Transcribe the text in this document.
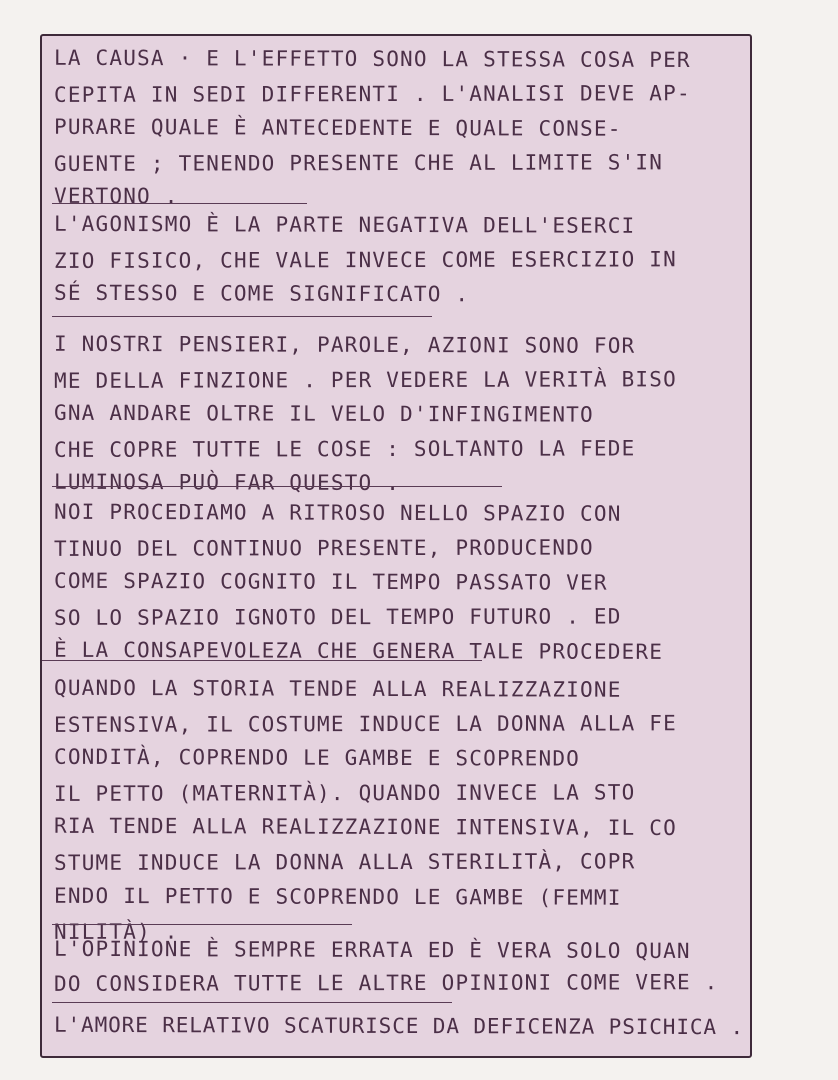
LA CAUSA · E L'EFFETTO SONO LA STESSA COSA PER
CEPITA IN SEDI DIFFERENTI . L'ANALISI DEVE AP-
PURARE QUALE È ANTECEDENTE E QUALE CONSE-
GUENTE ; TENENDO PRESENTE CHE AL LIMITE S'IN
VERTONO .
L'AGONISMO È LA PARTE NEGATIVA DELL'ESERCI
ZIO FISICO, CHE VALE INVECE COME ESERCIZIO IN
SÉ STESSO E COME SIGNIFICATO .
I NOSTRI PENSIERI, PAROLE, AZIONI SONO FOR
ME DELLA FINZIONE . PER VEDERE LA VERITÀ BISO
GNA ANDARE OLTRE IL VELO D'INFINGIMENTO
CHE COPRE TUTTE LE COSE : SOLTANTO LA FEDE
LUMINOSA PUÒ FAR QUESTO .
NOI PROCEDIAMO A RITROSO NELLO SPAZIO CON
TINUO DEL CONTINUO PRESENTE, PRODUCENDO
COME SPAZIO COGNITO IL TEMPO PASSATO VER
SO LO SPAZIO IGNOTO DEL TEMPO FUTURO . ED
È LA CONSAPEVOLEZA CHE GENERA TALE PROCEDERE
QUANDO LA STORIA TENDE ALLA REALIZZAZIONE
ESTENSIVA, IL COSTUME INDUCE LA DONNA ALLA FE
CONDITÀ, COPRENDO LE GAMBE E SCOPRENDO
IL PETTO (MATERNITÀ). QUANDO INVECE LA STO
RIA TENDE ALLA REALIZZAZIONE INTENSIVA, IL CO
STUME INDUCE LA DONNA ALLA STERILITÀ, COPR
ENDO IL PETTO E SCOPRENDO LE GAMBE (FEMMI
NILITÀ) .
L'OPINIONE È SEMPRE ERRATA ED È VERA SOLO QUAN
DO CONSIDERA TUTTE LE ALTRE OPINIONI COME VERE .
L'AMORE RELATIVO SCATURISCE DA DEFICENZA PSICHICA .
